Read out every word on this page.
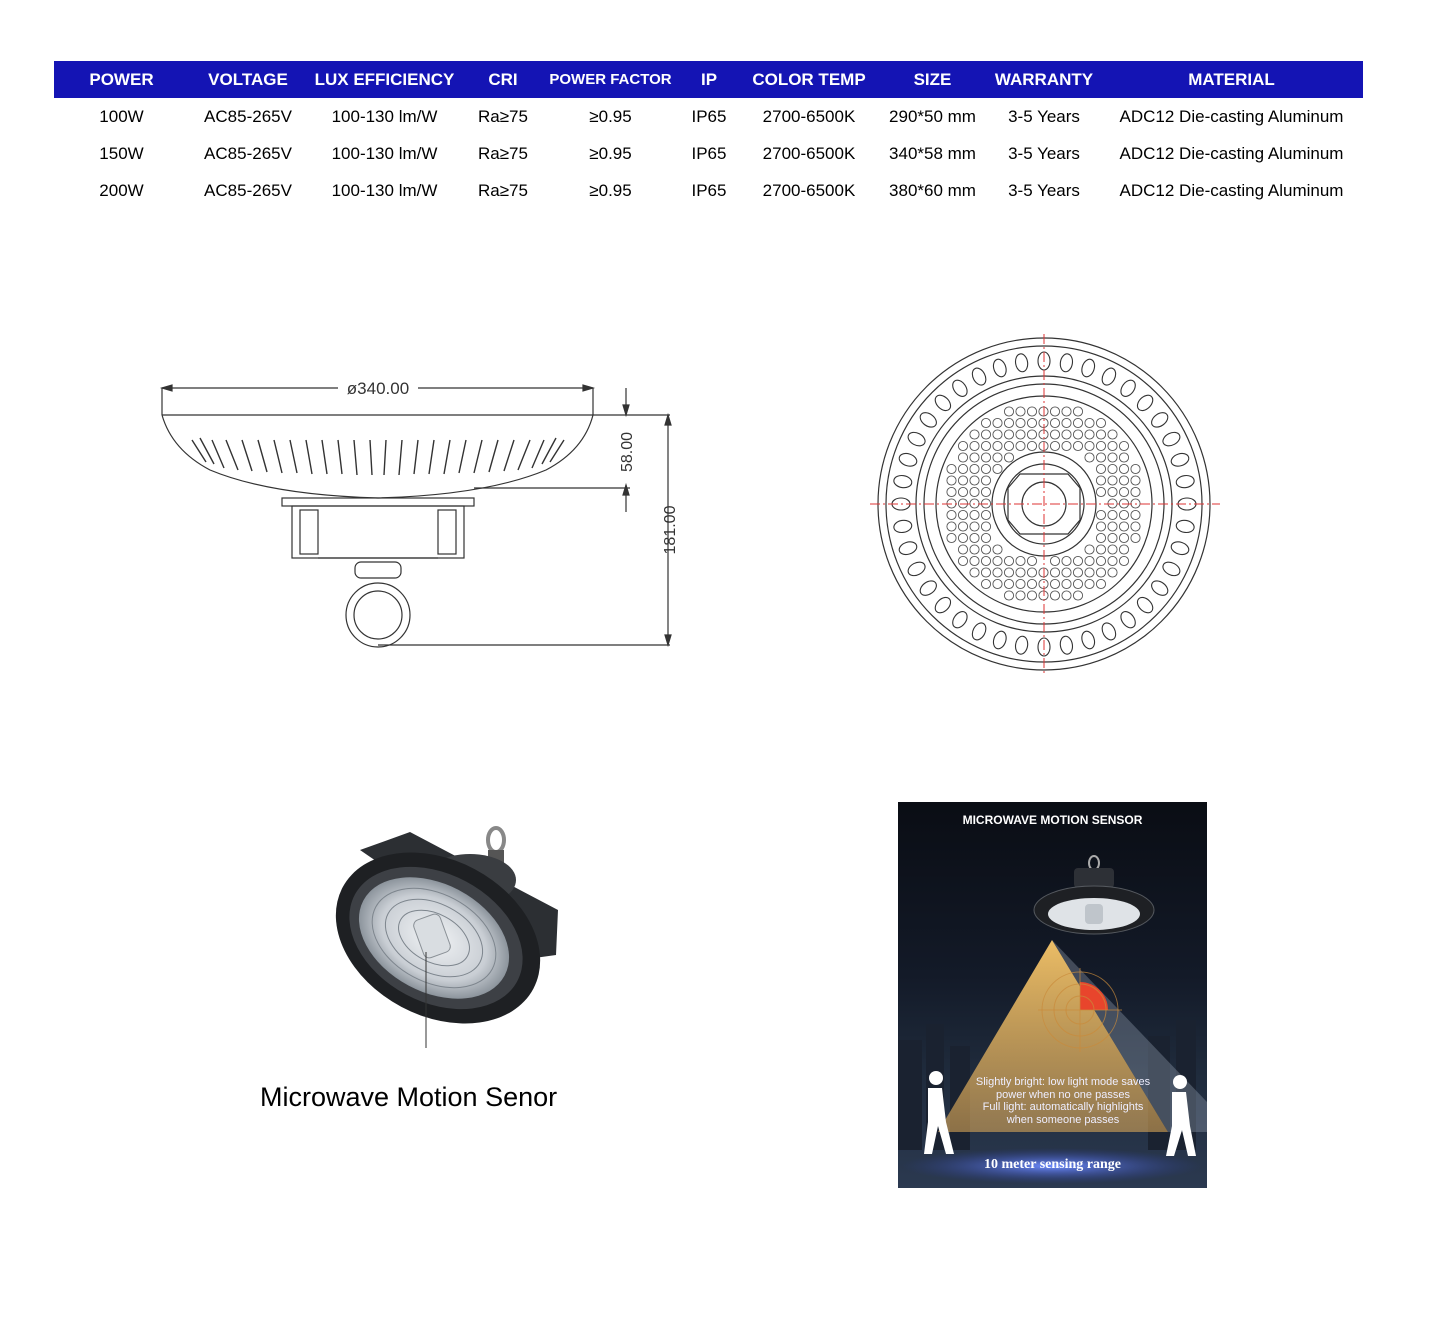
POWER	VOLTAGE	LUX EFFICIENCY	CRI	POWER FACTOR	IP	COLOR TEMP	SIZE	WARRANTY	MATERIAL
100W	AC85-265V	100-130 lm/W	Ra≥75	≥0.95	IP65	2700-6500K	290*50 mm	3-5 Years	ADC12 Die-casting Aluminum
150W	AC85-265V	100-130 lm/W	Ra≥75	≥0.95	IP65	2700-6500K	340*58 mm	3-5 Years	ADC12 Die-casting Aluminum
200W	AC85-265V	100-130 lm/W	Ra≥75	≥0.95	IP65	2700-6500K	380*60 mm	3-5 Years	ADC12 Die-casting Aluminum
ø340.00
58.00
181.00
Microwave Motion Senor
MICROWAVE MOTION SENSOR
Slightly bright: low light mode saves
power when no one passes
Full light: automatically highlights
when someone passes
10 meter sensing range
